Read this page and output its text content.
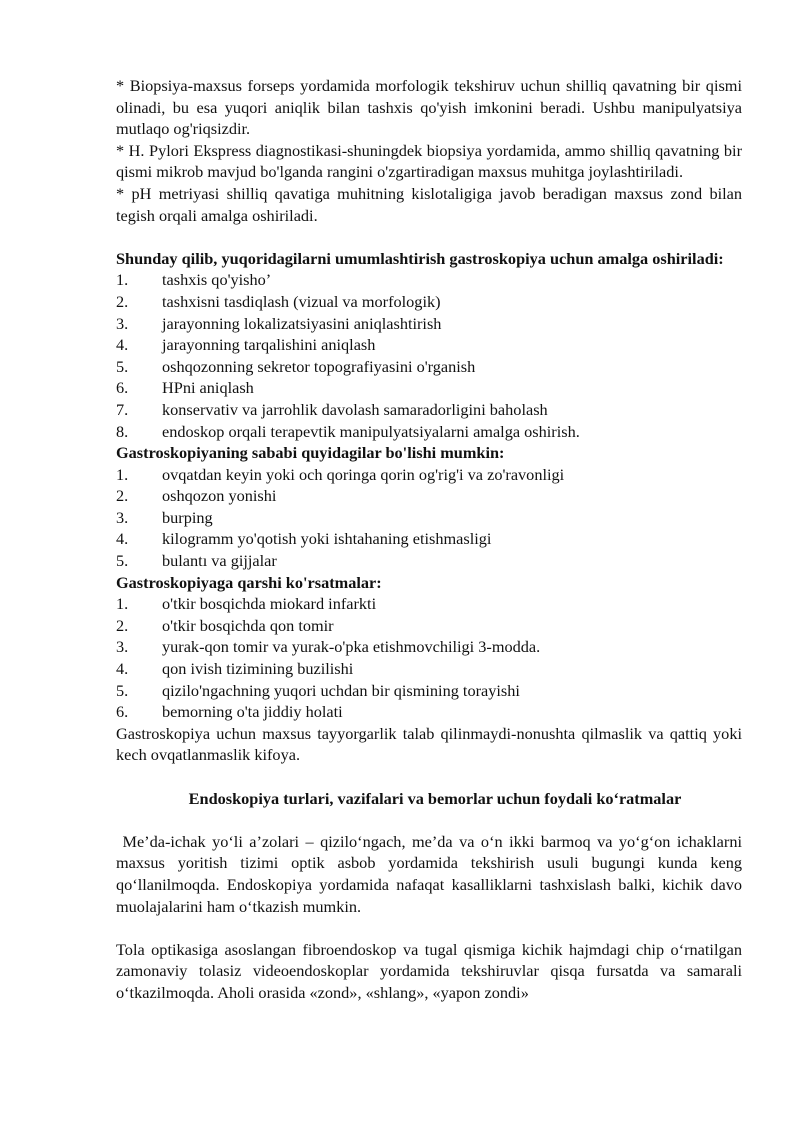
* Biopsiya-maxsus forseps yordamida morfologik tekshiruv uchun shilliq qavatning bir qismi olinadi, bu esa yuqori aniqlik bilan tashxis qo'yish imkonini beradi. Ushbu manipulyatsiya mutlaqo og'riqsizdir.

* H. Pylori Ekspress diagnostikasi-shuningdek biopsiya yordamida, ammo shilliq qavatning bir qismi mikrob mavjud bo'lganda rangini o'zgartiradigan maxsus muhitga joylashtiriladi.

* pH metriyasi shilliq qavatiga muhitning kislotaligiga javob beradigan maxsus zond bilan tegish orqali amalga oshiriladi.

Shunday qilib, yuqoridagilarni umumlashtirish gastroskopiya uchun amalga oshiriladi:

1.	tashxis qo'yisho’
2.	tashxisni tasdiqlash (vizual va morfologik)
3.	jarayonning lokalizatsiyasini aniqlashtirish
4.	jarayonning tarqalishini aniqlash
5.	oshqozonning sekretor topografiyasini o'rganish
6.	HPni aniqlash
7.	konservativ va jarrohlik davolash samaradorligini baholash
8.	endoskop orqali terapevtik manipulyatsiyalarni amalga oshirish.

Gastroskopiyaning sababi quyidagilar bo'lishi mumkin:

1.	ovqatdan keyin yoki och qoringa qorin og'rig'i va zo'ravonligi
2.	oshqozon yonishi
3.	burping
4.	kilogramm yo'qotish yoki ishtahaning etishmasligi
5.	bulantı va gijjalar

Gastroskopiyaga qarshi ko'rsatmalar:

1.	o'tkir bosqichda miokard infarkti
2.	o'tkir bosqichda qon tomir
3.	yurak-qon tomir va yurak-o'pka etishmovchiligi 3-modda.
4.	qon ivish tizimining buzilishi
5.	qizilo'ngachning yuqori uchdan bir qismining torayishi
6.	bemorning o'ta jiddiy holati

Gastroskopiya uchun maxsus tayyorgarlik talab qilinmaydi-nonushta qilmaslik va qattiq yoki kech ovqatlanmaslik kifoya.

Endoskopiya turlari, vazifalari va bemorlar uchun foydali ko‘ratmalar

Me’da-ichak yo‘li a’zolari – qizilo‘ngach, me’da va o‘n ikki barmoq va yo‘g‘on ichaklarni maxsus yoritish tizimi optik asbob yordamida tekshirish usuli bugungi kunda keng qo‘llanilmoqda. Endoskopiya yordamida nafaqat kasalliklarni tashxislash balki, kichik davo muolajalarini ham o‘tkazish mumkin.

Tola optikasiga asoslangan fibroendoskop va tugal qismiga kichik hajmdagi chip o‘rnatilgan zamonaviy tolasiz videoendoskoplar yordamida tekshiruvlar qisqa fursatda va samarali o‘tkazilmoqda. Aholi orasida «zond», «shlang», «yapon zondi»
